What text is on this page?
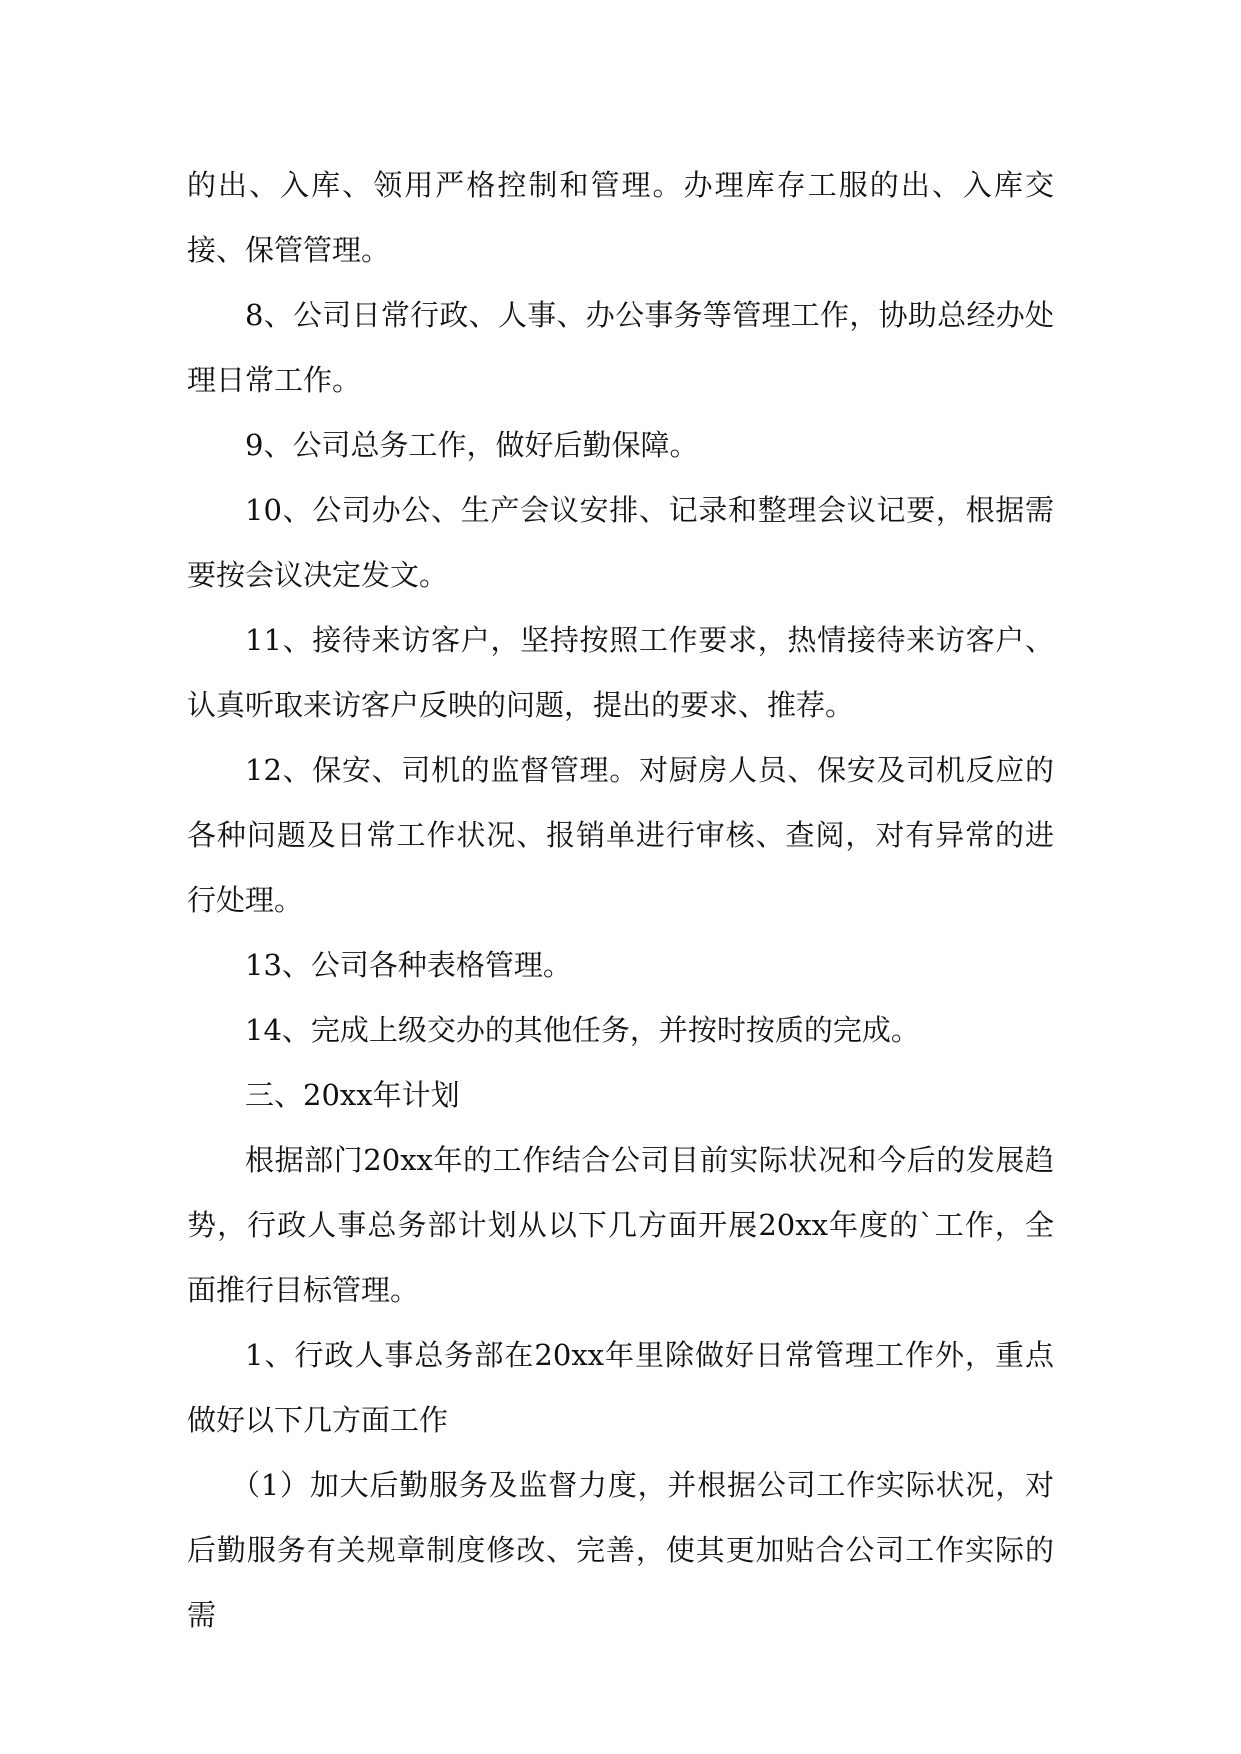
的出、入库、领用严格控制和管理。办理库存工服的出、入库交接、保管管理。

8、公司日常行政、人事、办公事务等管理工作，协助总经办处理日常工作。

9、公司总务工作，做好后勤保障。

10、公司办公、生产会议安排、记录和整理会议记要，根据需要按会议决定发文。

11、接待来访客户，坚持按照工作要求，热情接待来访客户、认真听取来访客户反映的问题，提出的要求、推荐。

12、保安、司机的监督管理。对厨房人员、保安及司机反应的各种问题及日常工作状况、报销单进行审核、查阅，对有异常的进行处理。

13、公司各种表格管理。

14、完成上级交办的其他任务，并按时按质的完成。

三、20xx年计划

根据部门20xx年的工作结合公司目前实际状况和今后的发展趋势，行政人事总务部计划从以下几方面开展20xx年度的`工作，全面推行目标管理。

1、行政人事总务部在20xx年里除做好日常管理工作外，重点做好以下几方面工作

（1）加大后勤服务及监督力度，并根据公司工作实际状况，对后勤服务有关规章制度修改、完善，使其更加贴合公司工作实际的需
